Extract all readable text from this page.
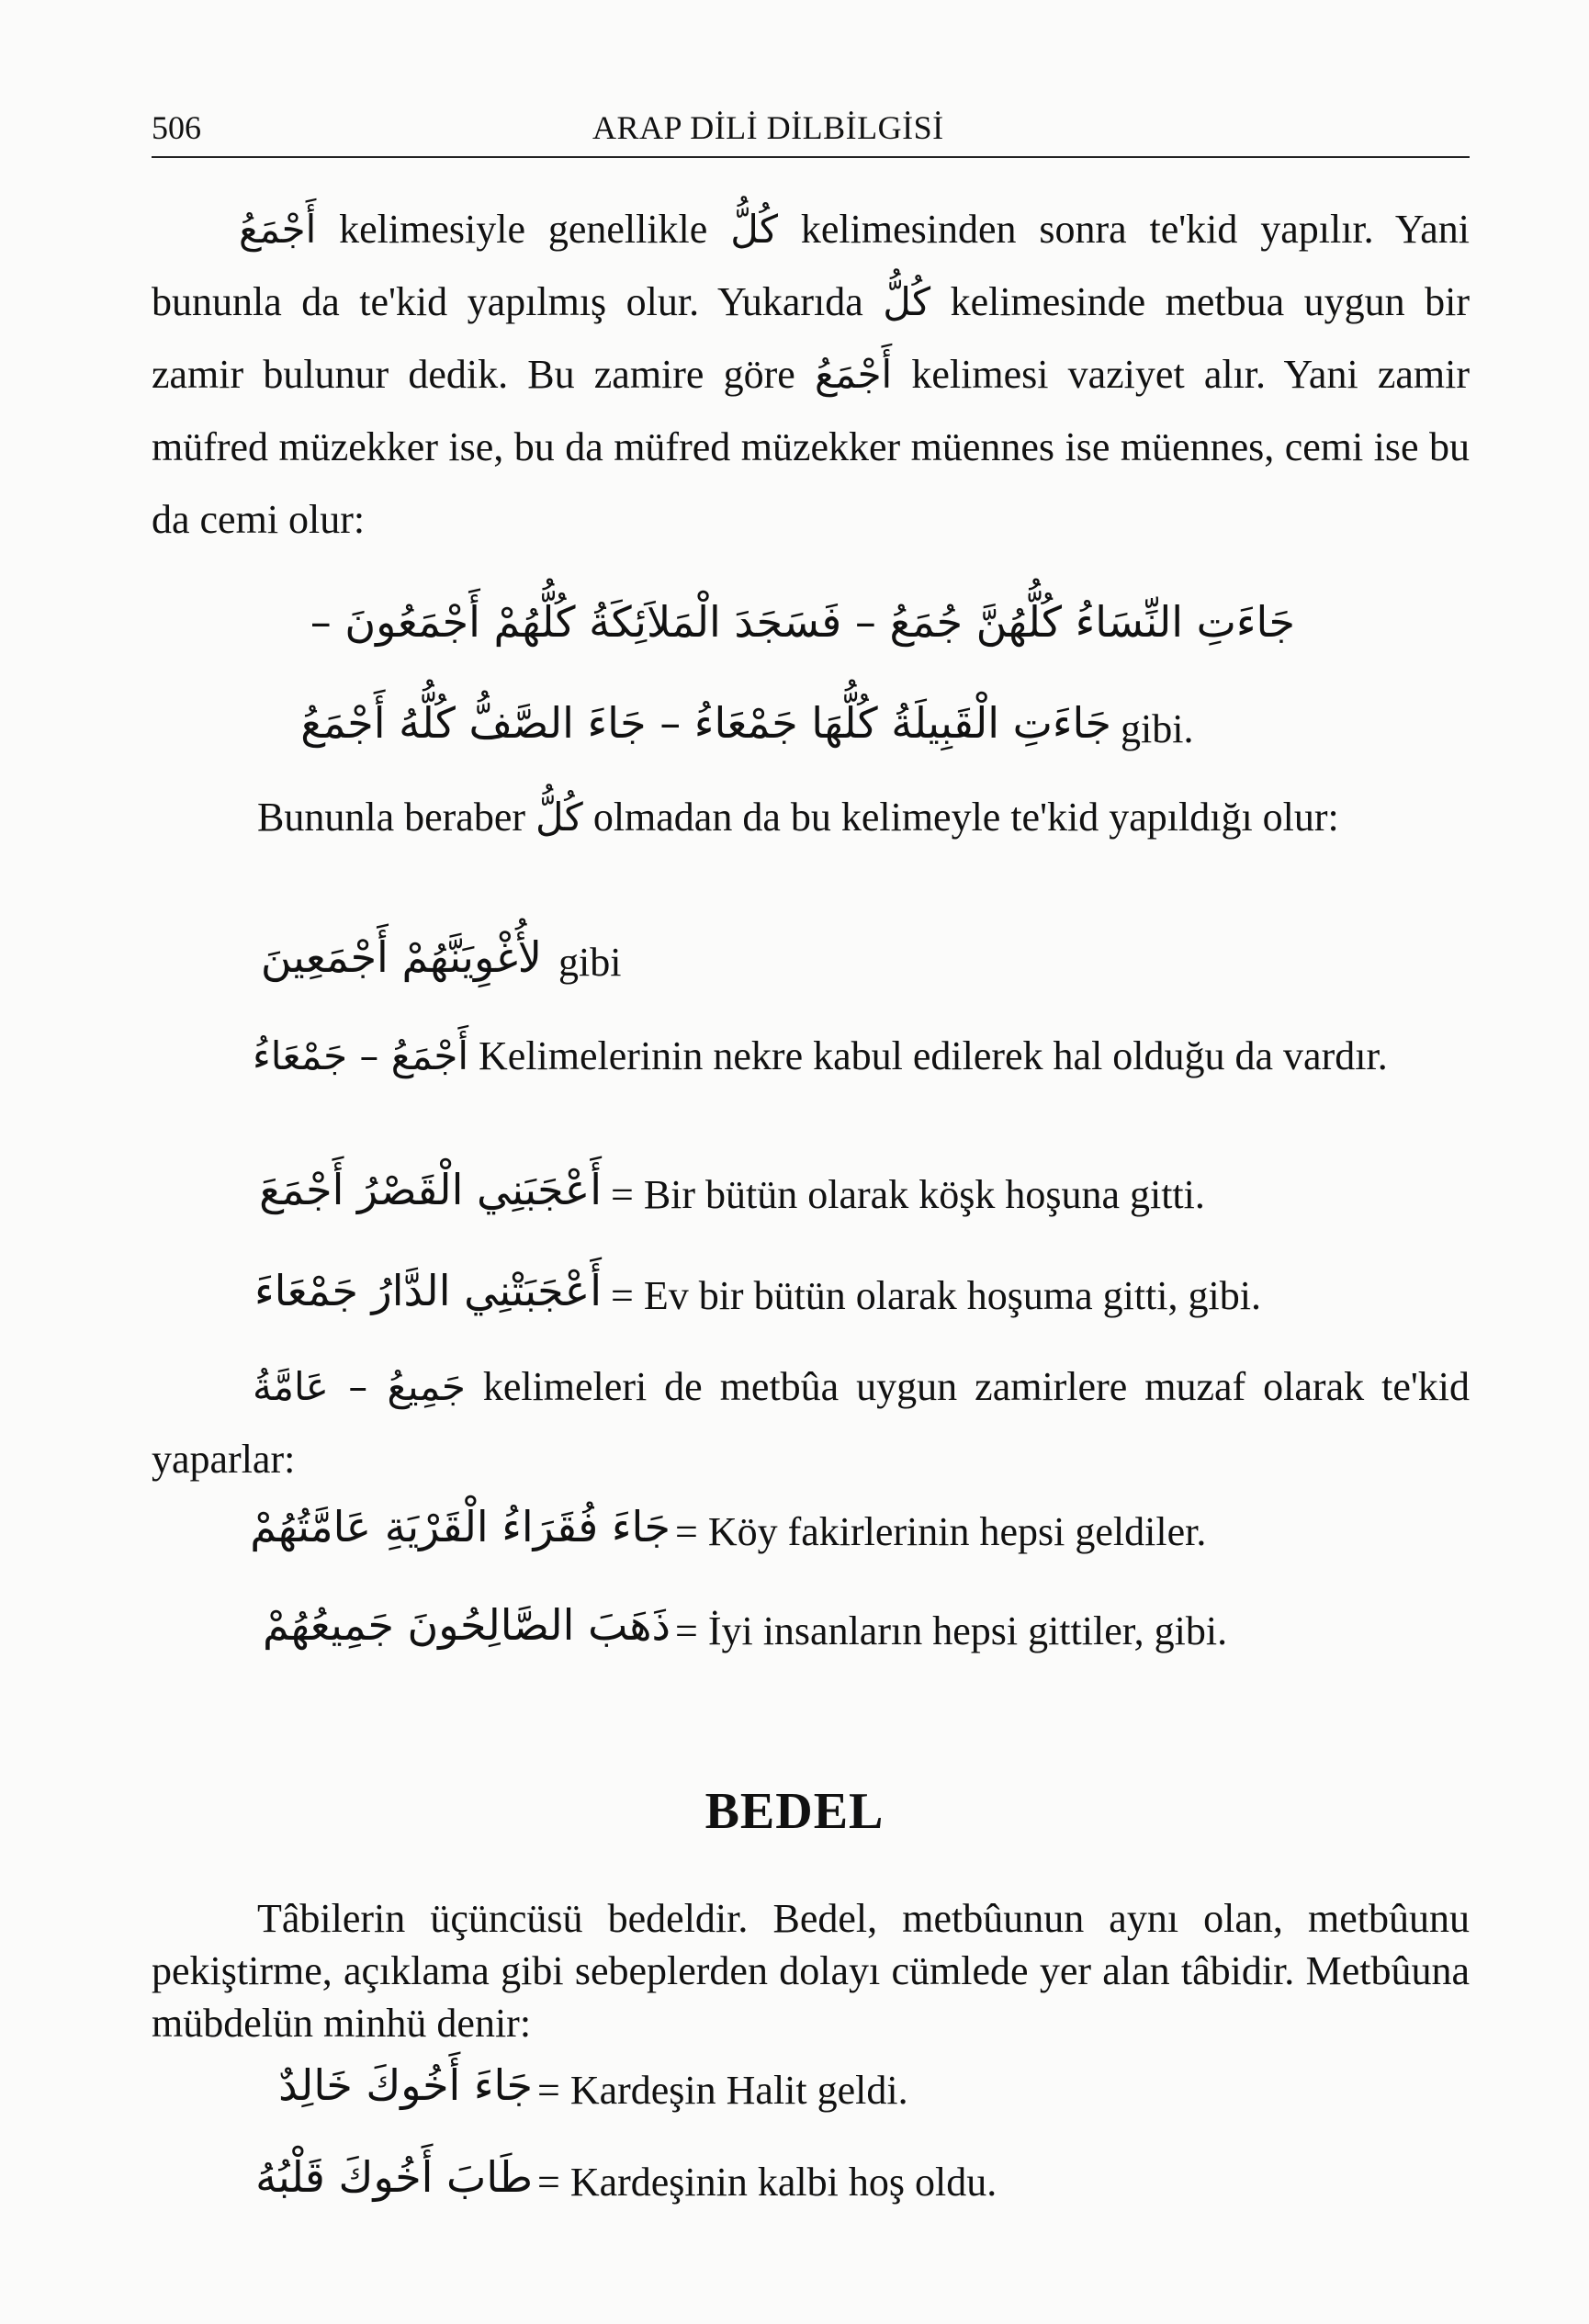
506	ARAP DİLİ DİLBİLGİSİ
أَجْمَعُ kelimesiyle genellikle كُلُّ kelimesinden sonra te'kid yapılır. Yani bununla da te'kid yapılmış olur. Yukarıda كُلُّ kelimesinde metbua uygun bir zamir bulunur dedik. Bu zamire göre أَجْمَعُ kelimesi vaziyet alır. Yani zamir müfred müzekker ise, bu da müfred müzekker müennes ise müennes, cemi ise bu da cemi olur:
جَاءَتِ النِّسَاءُ كُلُّهُنَّ جُمَعُ – فَسَجَدَ الْمَلاَئِكَةُ كُلُّهُمْ أَجْمَعُونَ –
جَاءَتِ الْقَبِيلَةُ كُلُّهَا جَمْعَاءُ – جَاءَ الصَّفُّ كُلُّهُ أَجْمَعُ gibi.
Bununla beraber كُلُّ olmadan da bu kelimeyle te'kid yapıldığı olur:
لأُغْوِيَنَّهُمْ أَجْمَعِينَ gibi
أَجْمَعُ – جَمْعَاءُ Kelimelerinin nekre kabul edilerek hal olduğu da vardır.
أَعْجَبَنِي الْقَصْرُ أَجْمَعَ = Bir bütün olarak köşk hoşuna gitti.
أَعْجَبَتْنِي الدَّارُ جَمْعَاءَ = Ev bir bütün olarak hoşuma gitti, gibi.
جَمِيعُ – عَامَّةُ kelimeleri de metbûa uygun zamirlere muzaf olarak te'kid yaparlar:
جَاءَ فُقَرَاءُ الْقَرْيَةِ عَامَّتُهُمْ = Köy fakirlerinin hepsi geldiler.
ذَهَبَ الصَّالِحُونَ جَمِيعُهُمْ = İyi insanların hepsi gittiler, gibi.
BEDEL
Tâbilerin üçüncüsü bedeldir. Bedel, metbûunun aynı olan, metbûunu pekiştirme, açıklama gibi sebeplerden dolayı cümlede yer alan tâbidir. Metbûuna mübdelün minhü denir:
جَاءَ أَخُوكَ خَالِدٌ = Kardeşin Halit geldi.
طَابَ أَخُوكَ قَلْبُهُ = Kardeşinin kalbi hoş oldu.
